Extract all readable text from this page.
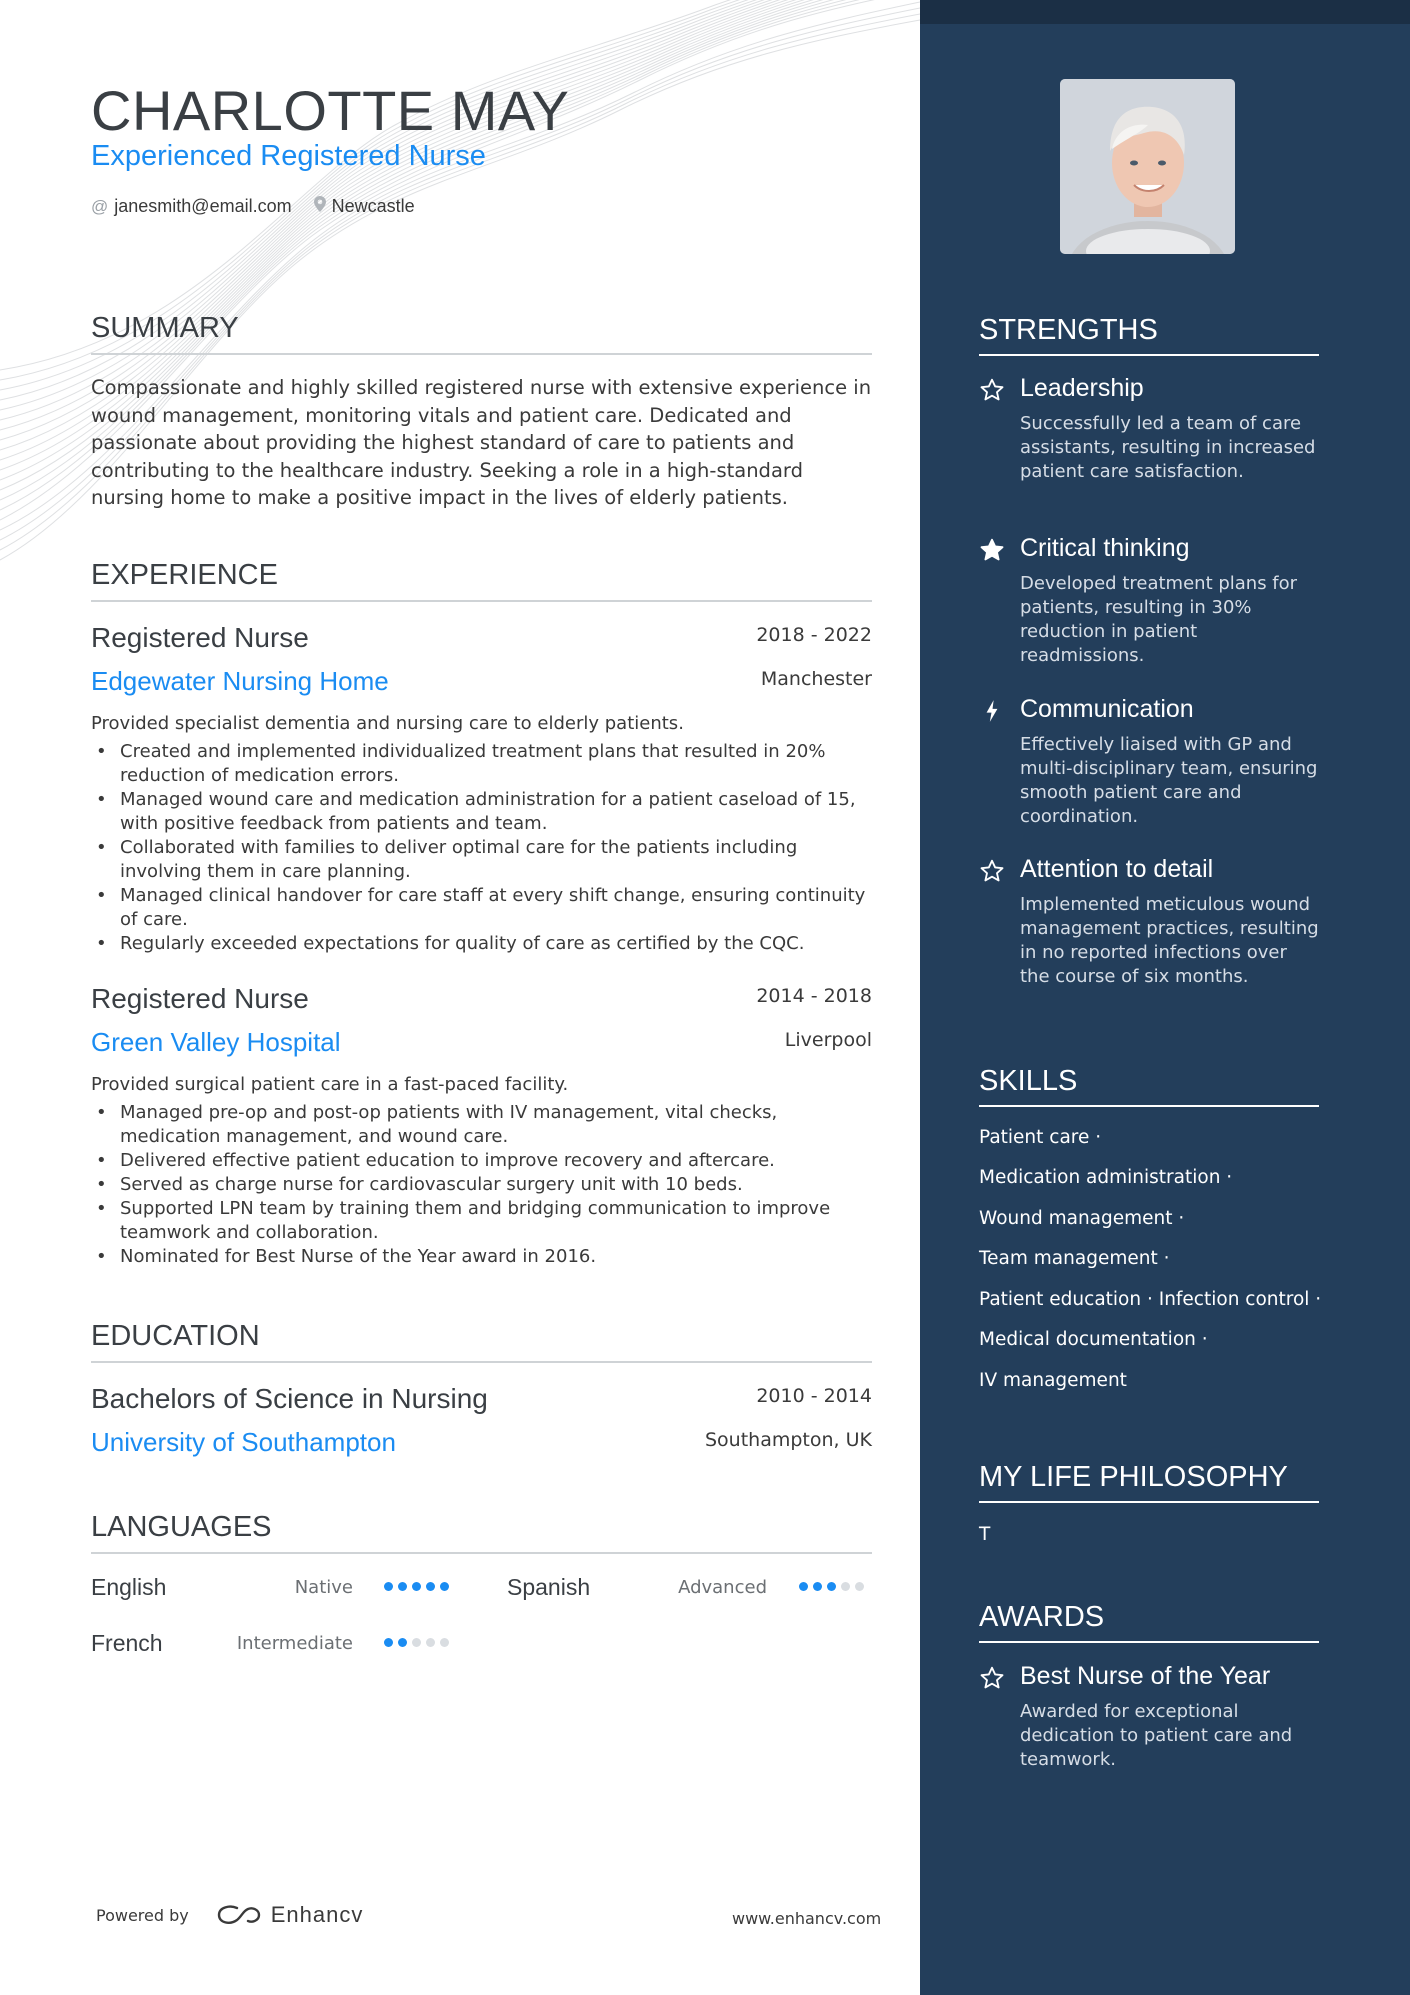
CHARLOTTE MAY
Experienced Registered Nurse
@ janesmith@email.com Newcastle
SUMMARY
Compassionate and highly skilled registered nurse with extensive experience in wound management, monitoring vitals and patient care. Dedicated and passionate about providing the highest standard of care to patients and contributing to the healthcare industry. Seeking a role in a high-standard nursing home to make a positive impact in the lives of elderly patients.
EXPERIENCE
Registered Nurse	2018 - 2022
Edgewater Nursing Home	Manchester
Provided specialist dementia and nursing care to elderly patients.
• Created and implemented individualized treatment plans that resulted in 20% reduction of medication errors.
• Managed wound care and medication administration for a patient caseload of 15, with positive feedback from patients and team.
• Collaborated with families to deliver optimal care for the patients including involving them in care planning.
• Managed clinical handover for care staff at every shift change, ensuring continuity of care.
• Regularly exceeded expectations for quality of care as certified by the CQC.
Registered Nurse	2014 - 2018
Green Valley Hospital	Liverpool
Provided surgical patient care in a fast-paced facility.
• Managed pre-op and post-op patients with IV management, vital checks, medication management, and wound care.
• Delivered effective patient education to improve recovery and aftercare.
• Served as charge nurse for cardiovascular surgery unit with 10 beds.
• Supported LPN team by training them and bridging communication to improve teamwork and collaboration.
• Nominated for Best Nurse of the Year award in 2016.
EDUCATION
Bachelors of Science in Nursing	2010 - 2014
University of Southampton	Southampton, UK
LANGUAGES
English	Native	Spanish	Advanced
French	Intermediate
Powered by	Enhancv	www.enhancv.com
STRENGTHS
Leadership
Successfully led a team of care assistants, resulting in increased patient care satisfaction.
Critical thinking
Developed treatment plans for patients, resulting in 30% reduction in patient readmissions.
Communication
Effectively liaised with GP and multi-disciplinary team, ensuring smooth patient care and coordination.
Attention to detail
Implemented meticulous wound management practices, resulting in no reported infections over the course of six months.
SKILLS
Patient care ·
Medication administration ·
Wound management ·
Team management ·
Patient education · Infection control ·
Medical documentation ·
IV management
MY LIFE PHILOSOPHY
T
AWARDS
Best Nurse of the Year
Awarded for exceptional dedication to patient care and teamwork.
